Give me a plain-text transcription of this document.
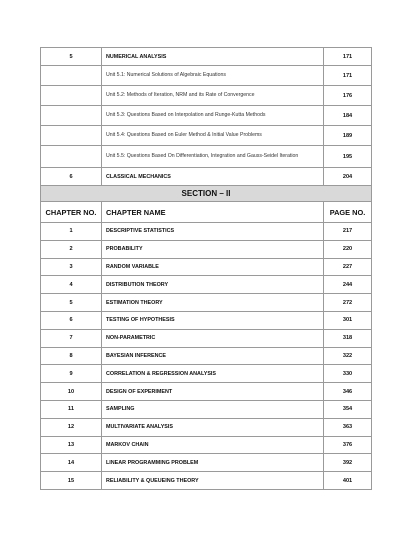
5	NUMERICAL ANALYSIS	171
	Unit 5.1: Numerical Solutions of Algebraic Equations	171
	Unit 5.2: Methods of Iteration, NRM and its Rate of Convergence	176
	Unit 5.3: Questions Based on Interpolation and Runge-Kutta Methods	184
	Unit 5.4: Questions Based on Euler Method & Initial Value Problems	189
	Unit 5.5: Questions Based On Differentiation, Integration and Gauss-Seidel Iteration	195
6	CLASSICAL MECHANICS	204
SECTION – II		
CHAPTER NO.	CHAPTER NAME	PAGE NO.
1	DESCRIPTIVE STATISTICS	217
2	PROBABILITY	220
3	RANDOM VARIABLE	227
4	DISTRIBUTION THEORY	244
5	ESTIMATION THEORY	272
6	TESTING OF HYPOTHESIS	301
7	NON-PARAMETRIC	318
8	BAYESIAN INFERENCE	322
9	CORRELATION & REGRESSION ANALYSIS	330
10	DESIGN OF EXPERIMENT	346
11	SAMPLING	354
12	MULTIVARIATE ANALYSIS	363
13	MARKOV CHAIN	376
14	LINEAR PROGRAMMING PROBLEM	392
15	RELIABILITY & QUEUEING THEORY	401
